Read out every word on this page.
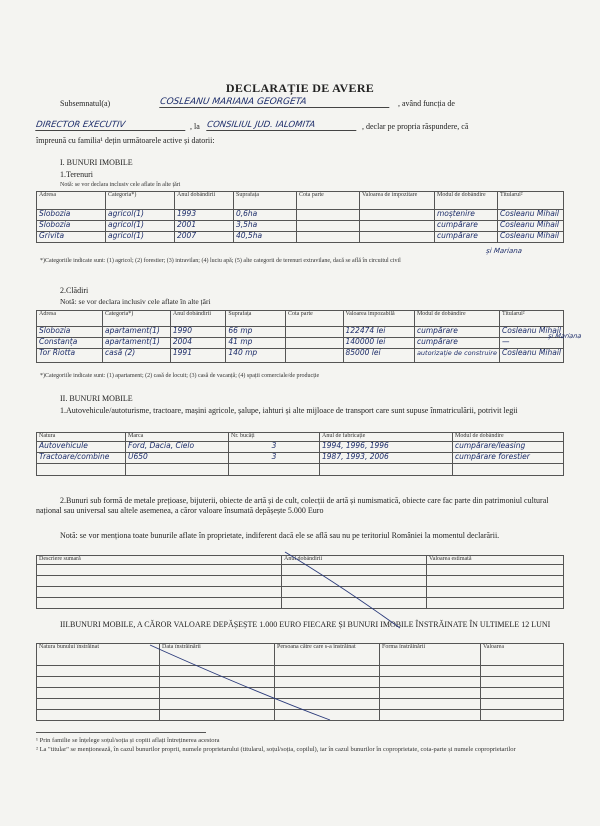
DECLARAȚIE DE AVERE
Subsemnatul(a)	COSLEANU MARIANA GEORGETA	, având funcția de
DIRECTOR EXECUTIV	, la CONSILIUL JUD. IALOMITA	, declar pe propria răspundere, că
împreună cu familia¹ dețin următoarele active și datorii:
I. BUNURI IMOBILE
1.Terenuri
Notă: se vor declara inclusiv cele aflate în alte țări
Adresa	Categoria*)	Anul dobândirii	Suprafața	Cota parte	Valoarea de impozitare	Modul de dobândire	Titularul²
Slobozia	agricol(1)	1993	0,6ha			moștenire	Cosleanu Mihail
Slobozia	agricol(1)	2001	3,5ha			cumpărare	Cosleanu Mihail
Grivita	agricol(1)	2007	40,5ha			cumpărare	Cosleanu Mihail
și Mariana
*)Categoriile indicate sunt: (1) agricol; (2) forestier; (3) intravilan; (4) luciu apă; (5) alte categorii de terenuri extravilane, dacă se află în circuitul civil
2.Clădiri
Notă: se vor declara inclusiv cele aflate în alte țări
Adresa	Categoria*)	Anul dobândirii	Suprafața	Cota parte	Valoarea impozabilă	Modul de dobândire	Titularul²
Slobozia	apartament(1)	1990	66 mp		122474 lei	cumpărare	Cosleanu Mihail
Constanța	apartament(1)	2004	41 mp		140000 lei	cumpărare	—
Tor Riotta	casă (2)	1991	140 mp		85000 lei	autorizație de construire	Cosleanu Mihail
și Mariana
*)Categoriile indicate sunt: (1) apartament; (2) casă de locuit; (3) casă de vacanță; (4) spații comerciale/de producție
II. BUNURI MOBILE
1.Autovehicule/autoturisme, tractoare, mașini agricole, șalupe, iahturi și alte mijloace de transport care sunt supuse înmatriculării, potrivit legii
Natura	Marca	Nr. bucăți	Anul de fabricație	Modul de dobândire
Autovehicule	Ford, Dacia, Cielo	3	1994, 1996, 1996	cumpărare/leasing
Tractoare/combine	U650	3	1987, 1993, 2006	cumpărare forestier

2.Bunuri sub formă de metale prețioase, bijuterii, obiecte de artă și de cult, colecții de artă și numismatică, obiecte care fac parte din patrimoniul cultural național sau universal sau altele asemenea, a căror valoare însumată depășește 5.000 Euro
Notă: se vor menționa toate bunurile aflate în proprietate, indiferent dacă ele se află sau nu pe teritoriul României la momentul declarării.
Descriere sumară	Anul dobândirii	Valoarea estimată

III.BUNURI MOBILE, A CĂROR VALOARE DEPĂȘEȘTE 1.000 EURO FIECARE ȘI BUNURI IMOBILE ÎNSTRĂINATE ÎN ULTIMELE 12 LUNI
Natura bunului înstrăinat	Data înstrăinării	Persoana către care s-a înstrăinat	Forma înstrăinării	Valoarea

¹ Prin familie se înțelege soțul/soția și copiii aflați întreținerea acestora
² La "titular" se menționează, în cazul bunurilor proprii, numele proprietarului (titularul, soțul/soția, copilul), iar în cazul bunurilor în coproprietate, cota-parte și numele coproprietarilor
